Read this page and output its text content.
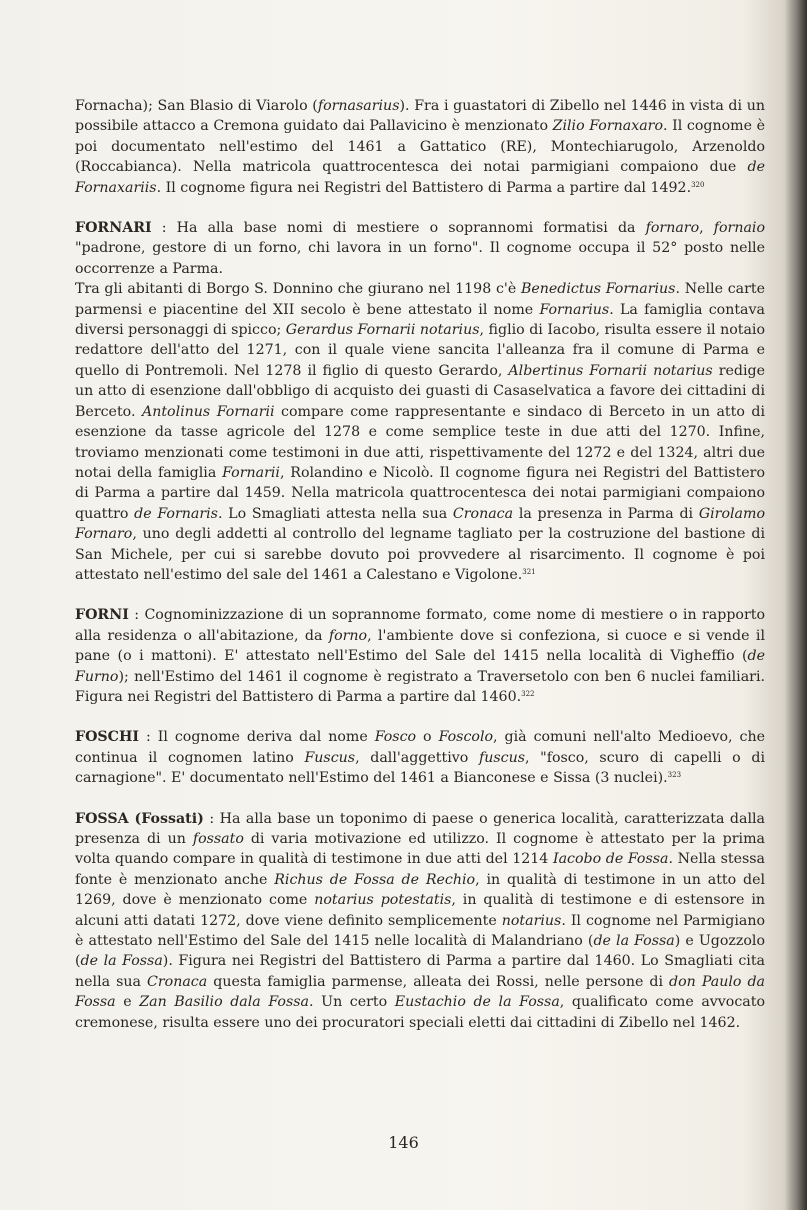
Fornacha); San Blasio di Viarolo (fornasarius). Fra i guastatori di Zibello nel 1446 in vista di un possibile attacco a Cremona guidato dai Pallavicino è menzionato Zilio Fornaxaro. Il cognome è poi documentato nell'estimo del 1461 a Gattatico (RE), Montechiarugolo, Arzenoldo (Roccabianca). Nella matricola quattrocentesca dei notai parmigiani compaiono due de Fornaxariis. Il cognome figura nei Registri del Battistero di Parma a partire dal 1492.$^{320}$

FORNARI : Ha alla base nomi di mestiere o soprannomi formatisi da fornaro, fornaio "padrone, gestore di un forno, chi lavora in un forno". Il cognome occupa il 52° posto nelle occorrenze a Parma.

Tra gli abitanti di Borgo S. Donnino che giurano nel 1198 c'è Benedictus Fornarius. Nelle carte parmensi e piacentine del XII secolo è bene attestato il nome Fornarius. La famiglia contava diversi personaggi di spicco; Gerardus Fornarii notarius, figlio di Iacobo, risulta essere il notaio redattore dell'atto del 1271, con il quale viene sancita l'alleanza fra il comune di Parma e quello di Pontremoli. Nel 1278 il figlio di questo Gerardo, Albertinus Fornarii notarius redige un atto di esenzione dall'obbligo di acquisto dei guasti di Casaselvatica a favore dei cittadini di Berceto. Antolinus Fornarii compare come rappresentante e sindaco di Berceto in un atto di esenzione da tasse agricole del 1278 e come semplice teste in due atti del 1270. Infine, troviamo menzionati come testimoni in due atti, rispettivamente del 1272 e del 1324, altri due notai della famiglia Fornarii, Rolandino e Nicolò. Il cognome figura nei Registri del Battistero di Parma a partire dal 1459. Nella matricola quattrocentesca dei notai parmigiani compaiono quattro de Fornaris. Lo Smagliati attesta nella sua Cronaca la presenza in Parma di Girolamo Fornaro, uno degli addetti al controllo del legname tagliato per la costruzione del bastione di San Michele, per cui si sarebbe dovuto poi provvedere al risarcimento. Il cognome è poi attestato nell'estimo del sale del 1461 a Calestano e Vigolone.$^{321}$

FORNI : Cognominizzazione di un soprannome formato, come nome di mestiere o in rapporto alla residenza o all'abitazione, da forno, l'ambiente dove si confeziona, si cuoce e si vende il pane (o i mattoni). E' attestato nell'Estimo del Sale del 1415 nella località di Vigheffio (de Furno); nell'Estimo del 1461 il cognome è registrato a Traversetolo con ben 6 nuclei familiari. Figura nei Registri del Battistero di Parma a partire dal 1460.$^{322}$

FOSCHI : Il cognome deriva dal nome Fosco o Foscolo, già comuni nell'alto Medioevo, che continua il cognomen latino Fuscus, dall'aggettivo fuscus, "fosco, scuro di capelli o di carnagione". E' documentato nell'Estimo del 1461 a Bianconese e Sissa (3 nuclei).$^{323}$

FOSSA (Fossati) : Ha alla base un toponimo di paese o generica località, caratterizzata dalla presenza di un fossato di varia motivazione ed utilizzo. Il cognome è attestato per la prima volta quando compare in qualità di testimone in due atti del 1214 Iacobo de Fossa. Nella stessa fonte è menzionato anche Richus de Fossa de Rechio, in qualità di testimone in un atto del 1269, dove è menzionato come notarius potestatis, in qualità di testimone e di estensore in alcuni atti datati 1272, dove viene definito semplicemente notarius. Il cognome nel Parmigiano è attestato nell'Estimo del Sale del 1415 nelle località di Malandriano (de la Fossa) e Ugozzolo (de la Fossa). Figura nei Registri del Battistero di Parma a partire dal 1460. Lo Smagliati cita nella sua Cronaca questa famiglia parmense, alleata dei Rossi, nelle persone di don Paulo da Fossa e Zan Basilio dala Fossa. Un certo Eustachio de la Fossa, qualificato come avvocato cremonese, risulta essere uno dei procuratori speciali eletti dai cittadini di Zibello nel 1462.

146
